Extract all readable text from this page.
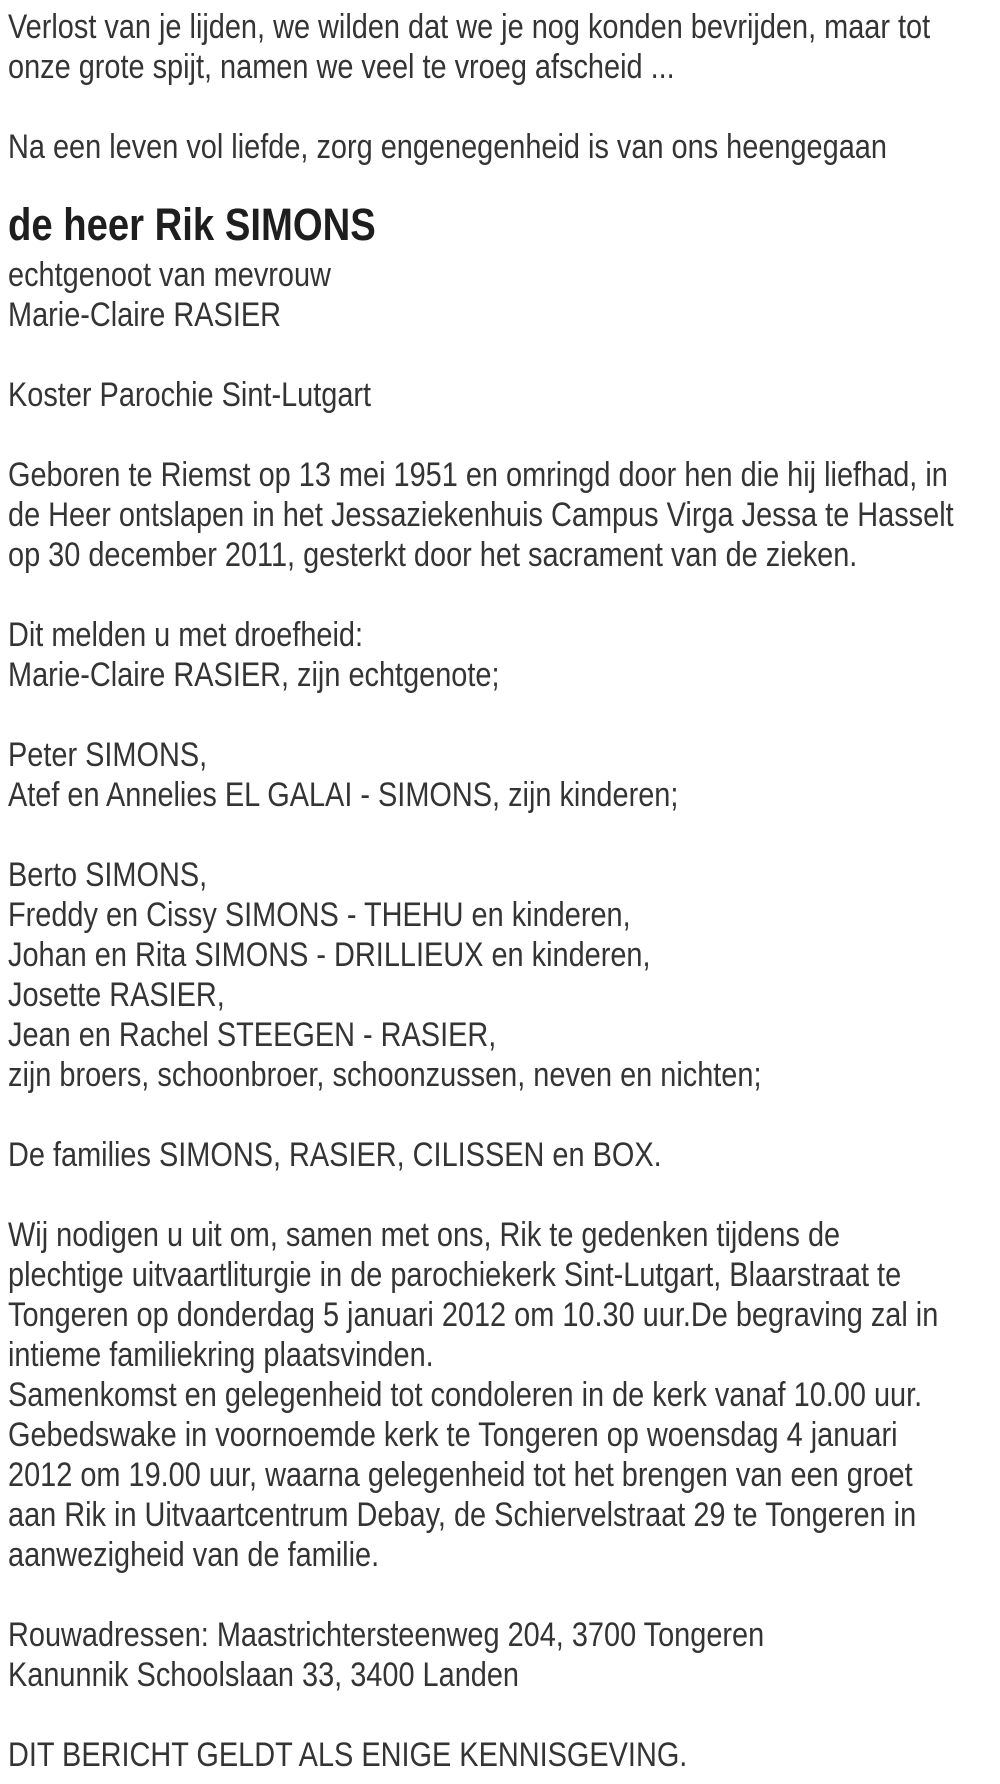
Verlost van je lijden, we wilden dat we je nog konden bevrijden, maar tot
onze grote spijt, namen we veel te vroeg afscheid ...

Na een leven vol liefde, zorg engenegenheid is van ons heengegaan

de heer Rik SIMONS

echtgenoot van mevrouw
Marie-Claire RASIER

Koster Parochie Sint-Lutgart

Geboren te Riemst op 13 mei 1951 en omringd door hen die hij liefhad, in
de Heer ontslapen in het Jessaziekenhuis Campus Virga Jessa te Hasselt
op 30 december 2011, gesterkt door het sacrament van de zieken.

Dit melden u met droefheid:
Marie-Claire RASIER, zijn echtgenote;

Peter SIMONS,
Atef en Annelies EL GALAI - SIMONS, zijn kinderen;

Berto SIMONS,
Freddy en Cissy SIMONS - THEHU en kinderen,
Johan en Rita SIMONS - DRILLIEUX en kinderen,
Josette RASIER,
Jean en Rachel STEEGEN - RASIER,
zijn broers, schoonbroer, schoonzussen, neven en nichten;

De families SIMONS, RASIER, CILISSEN en BOX.

Wij nodigen u uit om, samen met ons, Rik te gedenken tijdens de
plechtige uitvaartliturgie in de parochiekerk Sint-Lutgart, Blaarstraat te
Tongeren op donderdag 5 januari 2012 om 10.30 uur.De begraving zal in
intieme familiekring plaatsvinden.
Samenkomst en gelegenheid tot condoleren in de kerk vanaf 10.00 uur.
Gebedswake in voornoemde kerk te Tongeren op woensdag 4 januari
2012 om 19.00 uur, waarna gelegenheid tot het brengen van een groet
aan Rik in Uitvaartcentrum Debay, de Schiervelstraat 29 te Tongeren in
aanwezigheid van de familie.

Rouwadressen: Maastrichtersteenweg 204, 3700 Tongeren
Kanunnik Schoolslaan 33, 3400 Landen

DIT BERICHT GELDT ALS ENIGE KENNISGEVING.
